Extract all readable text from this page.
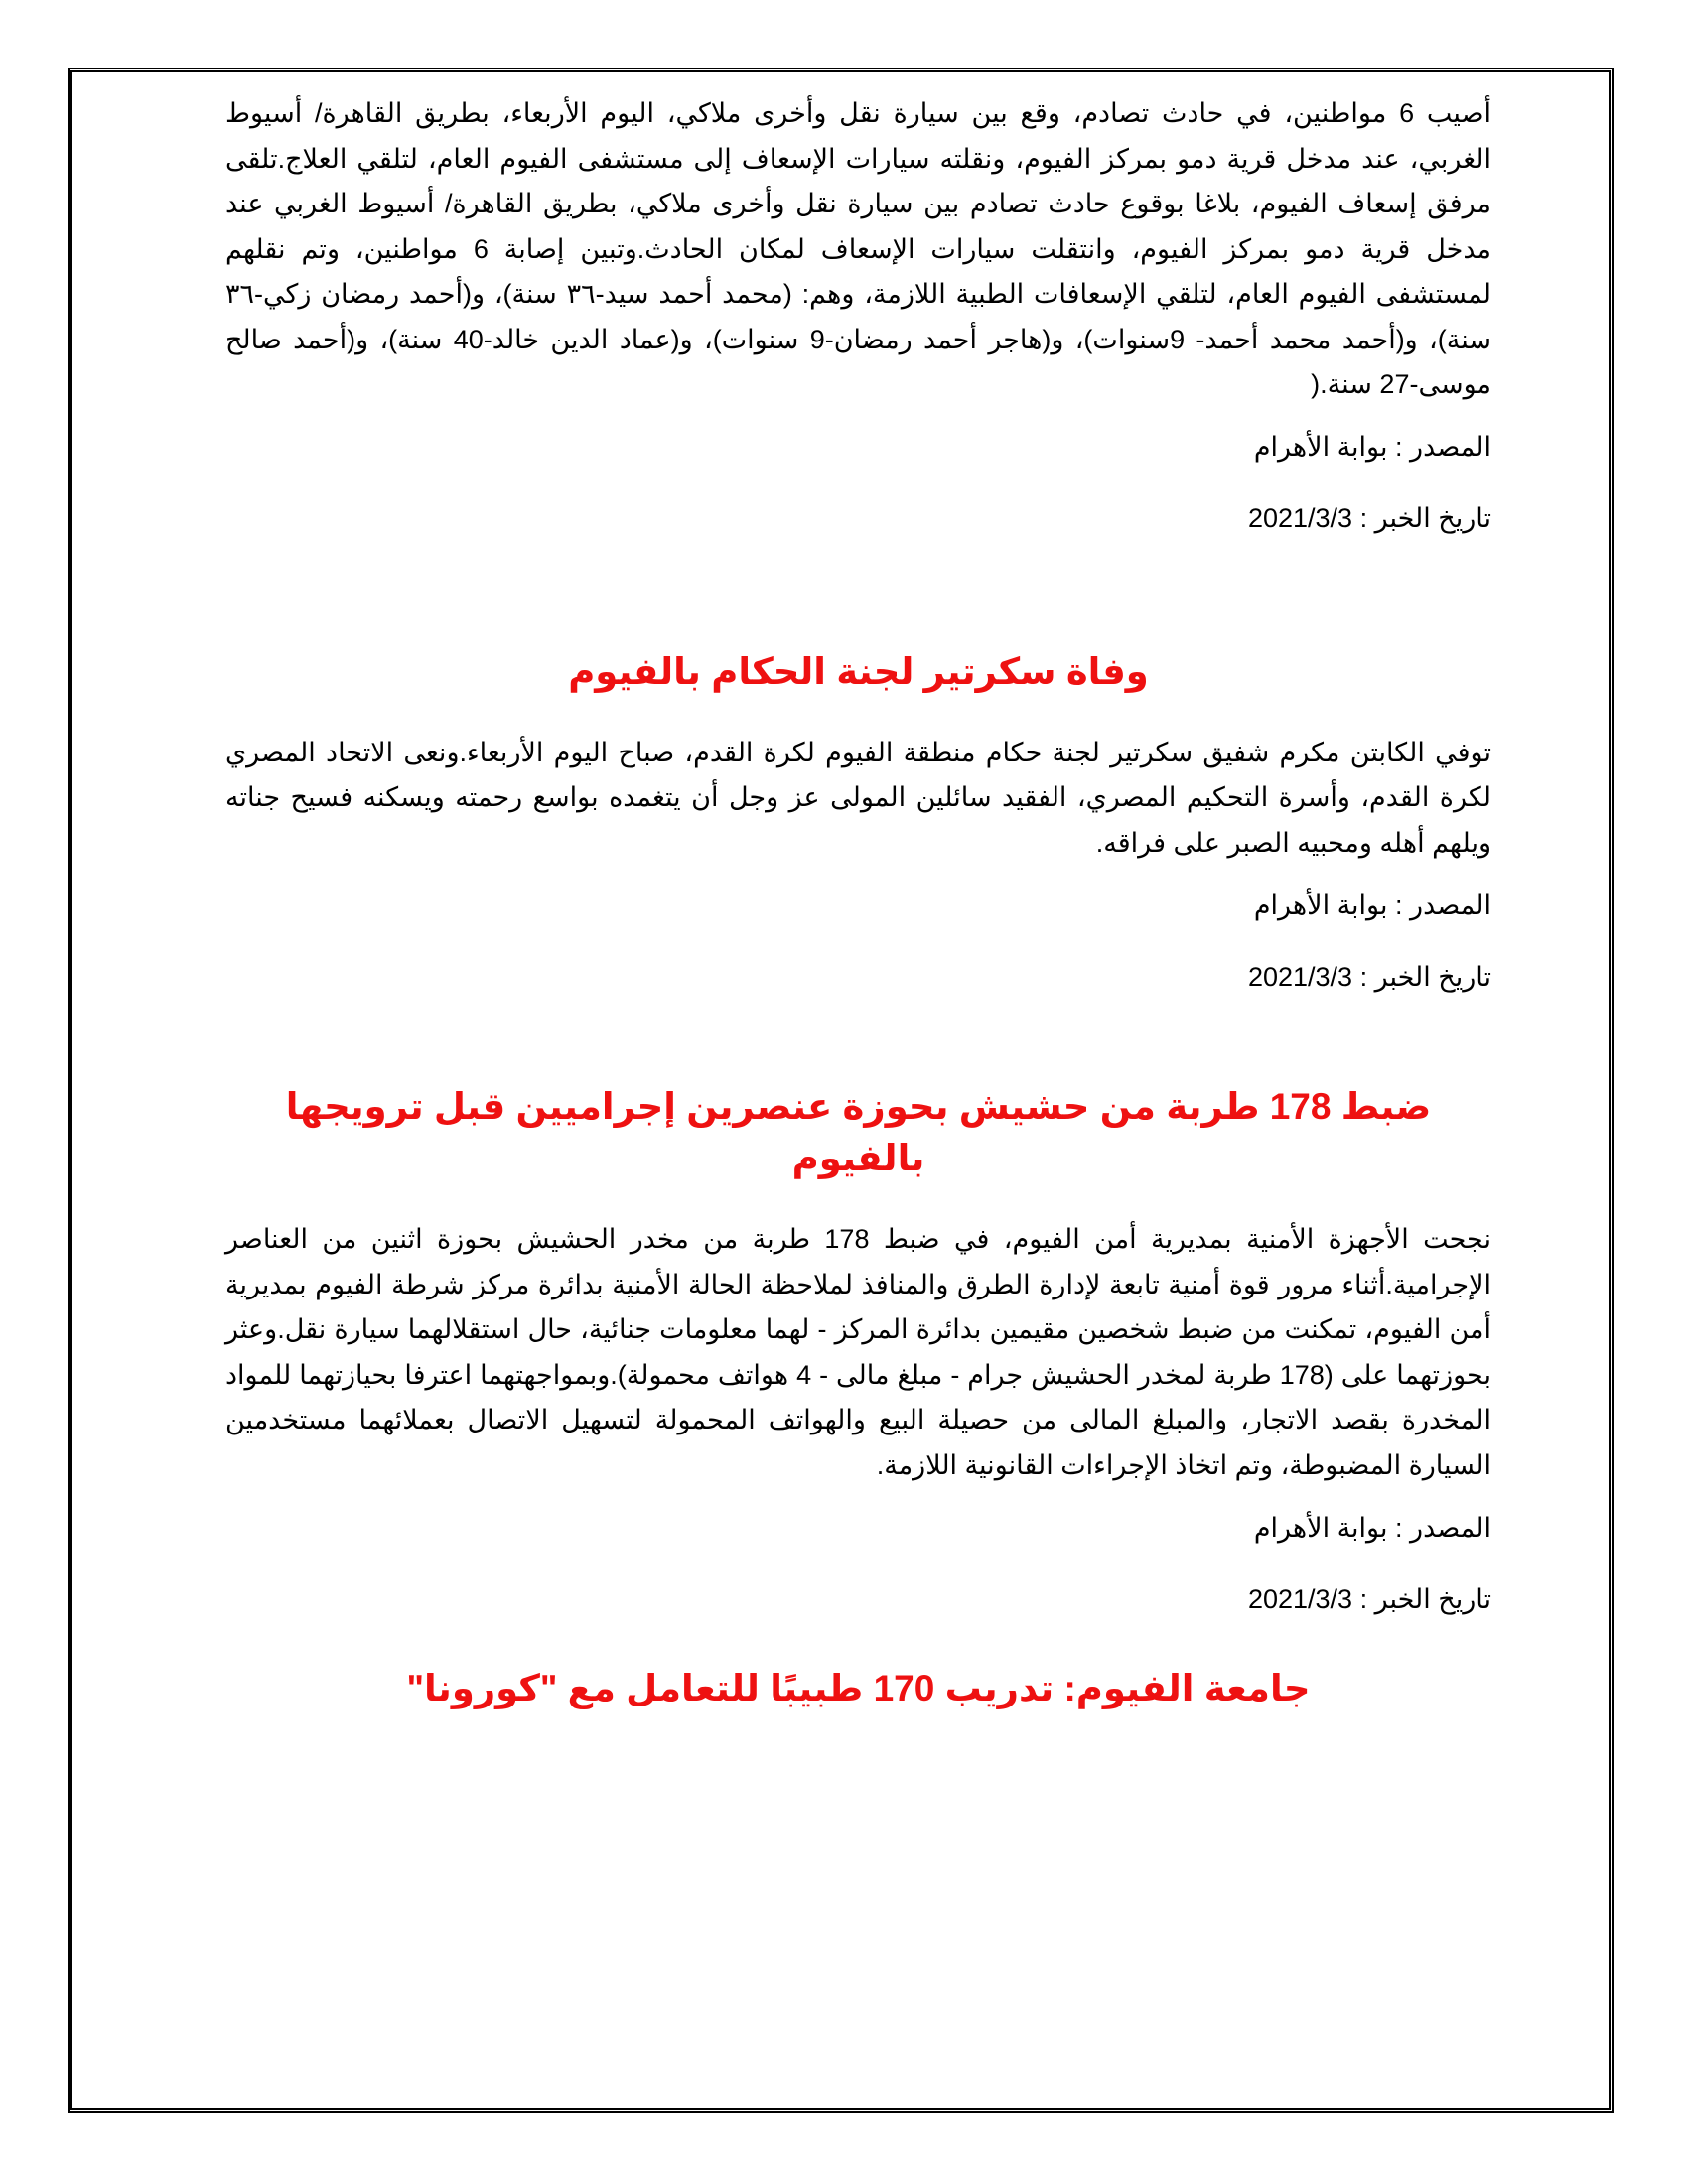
أصيب 6 مواطنين، في حادث تصادم، وقع بين سيارة نقل وأخرى ملاكي، اليوم الأربعاء، بطريق القاهرة/ أسيوط الغربي، عند مدخل قرية دمو بمركز الفيوم، ونقلته سيارات الإسعاف إلى مستشفى الفيوم العام، لتلقي العلاج.تلقى مرفق إسعاف الفيوم، بلاغا بوقوع حادث تصادم بين سيارة نقل وأخرى ملاكي، بطريق القاهرة/ أسيوط الغربي عند مدخل قرية دمو بمركز الفيوم، وانتقلت سيارات الإسعاف لمكان الحادث.وتبين إصابة 6 مواطنين، وتم نقلهم لمستشفى الفيوم العام، لتلقي الإسعافات الطبية اللازمة، وهم: (محمد أحمد سيد-٣٦ سنة)، و(أحمد رمضان زكي-٣٦ سنة)، و(أحمد محمد أحمد- 9سنوات)، و(هاجر أحمد رمضان-9 سنوات)، و(عماد الدين خالد-40 سنة)، و(أحمد صالح موسى-27 سنة.(

المصدر : بوابة الأهرام

تاريخ الخبر : 2021/3/3

وفاة سكرتير لجنة الحكام بالفيوم

توفي الكابتن مكرم شفيق سكرتير لجنة حكام منطقة الفيوم لكرة القدم، صباح اليوم الأربعاء.ونعى الاتحاد المصري لكرة القدم، وأسرة التحكيم المصري، الفقيد سائلين المولى عز وجل أن يتغمده بواسع رحمته ويسكنه فسيح جناته ويلهم أهله ومحبيه الصبر على فراقه.

المصدر : بوابة الأهرام

تاريخ الخبر : 2021/3/3

ضبط 178 طربة من حشيش بحوزة عنصرين إجراميين قبل ترويجها بالفيوم

نجحت الأجهزة الأمنية بمديرية أمن الفيوم، في ضبط 178 طربة من مخدر الحشيش بحوزة اثنين من العناصر الإجرامية.أثناء مرور قوة أمنية تابعة لإدارة الطرق والمنافذ لملاحظة الحالة الأمنية بدائرة مركز شرطة الفيوم بمديرية أمن الفيوم، تمكنت من ضبط شخصين مقيمين بدائرة المركز - لهما معلومات جنائية، حال استقلالهما سيارة نقل.وعثر بحوزتهما على (178 طربة لمخدر الحشيش جرام - مبلغ مالى - 4 هواتف محمولة).وبمواجهتهما اعترفا بحيازتهما للمواد المخدرة بقصد الاتجار، والمبلغ المالى من حصيلة البيع والهواتف المحمولة لتسهيل الاتصال بعملائهما مستخدمين السيارة المضبوطة، وتم اتخاذ الإجراءات القانونية اللازمة.

المصدر : بوابة الأهرام

تاريخ الخبر : 2021/3/3

جامعة الفيوم: تدريب 170 طبيبًا للتعامل مع "كورونا"
